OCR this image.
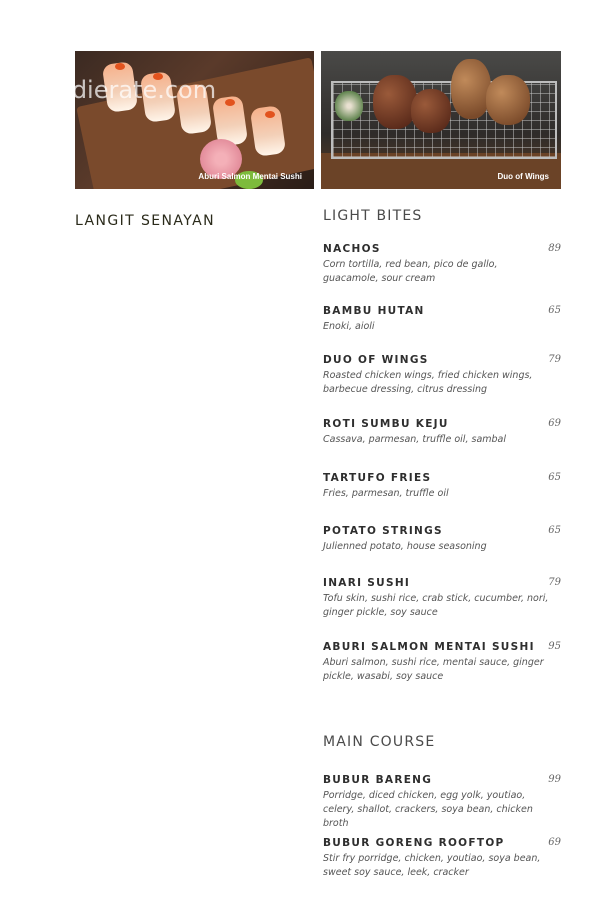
foodierate.com
Aburi Salmon Mentai Sushi	Duo of Wings
LANGIT SENAYAN	LIGHT BITES
NACHOS	89
Corn tortilla, red bean, pico de gallo, guacamole, sour cream
BAMBU HUTAN	65
Enoki, aioli
DUO OF WINGS	79
Roasted chicken wings, fried chicken wings, barbecue dressing, citrus dressing
ROTI SUMBU KEJU	69
Cassava, parmesan, truffle oil, sambal
TARTUFO FRIES	65
Fries, parmesan, truffle oil
POTATO STRINGS	65
Julienned potato, house seasoning
INARI SUSHI	79
Tofu skin, sushi rice, crab stick, cucumber, nori, ginger pickle, soy sauce
ABURI SALMON MENTAI SUSHI	95
Aburi salmon, sushi rice, mentai sauce, ginger pickle, wasabi, soy sauce
MAIN COURSE
BUBUR BARENG	99
Porridge, diced chicken, egg yolk, youtiao, celery, shallot, crackers, soya bean, chicken broth
BUBUR GORENG ROOFTOP	69
Stir fry porridge, chicken, youtiao, soya bean, sweet soy sauce, leek, cracker
